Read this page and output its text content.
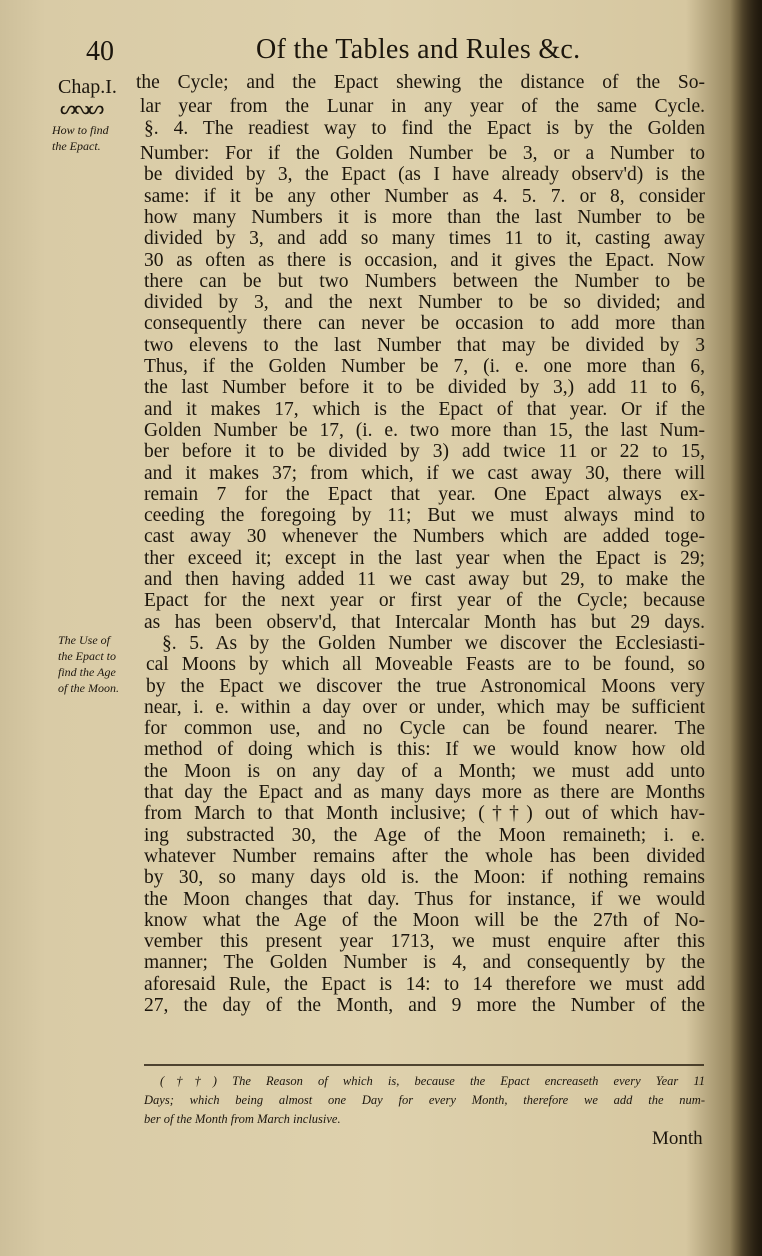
40	Of the Tables and Rules &c.
Chap.I.
ᔕᔓᔕ
How to find
the Epact.
The Use of
the Epact to
find the Age
of the Moon.
the Cycle; and the Epact shewing the distance of the So-
lar year from the Lunar in any year of the same Cycle.
§. 4. The readiest way to find the Epact is by the Golden
Number: For if the Golden Number be 3, or a Number to
be divided by 3, the Epact (as I have already observ'd) is the
same: if it be any other Number as 4. 5. 7. or 8, consider
how many Numbers it is more than the last Number to be
divided by 3, and add so many times 11 to it, casting away
30 as often as there is occasion, and it gives the Epact. Now
there can be but two Numbers between the Number to be
divided by 3, and the next Number to be so divided; and
consequently there can never be occasion to add more than
two elevens to the last Number that may be divided by 3
Thus, if the Golden Number be 7, (i. e. one more than 6,
the last Number before it to be divided by 3,) add 11 to 6,
and it makes 17, which is the Epact of that year. Or if the
Golden Number be 17, (i. e. two more than 15, the last Num-
ber before it to be divided by 3) add twice 11 or 22 to 15,
and it makes 37; from which, if we cast away 30, there will
remain 7 for the Epact that year. One Epact always ex-
ceeding the foregoing by 11; But we must always mind to
cast away 30 whenever the Numbers which are added toge-
ther exceed it; except in the last year when the Epact is 29;
and then having added 11 we cast away but 29, to make the
Epact for the next year or first year of the Cycle; because
as has been observ'd, that Intercalar Month has but 29 days.
§. 5. As by the Golden Number we discover the Ecclesiasti-
cal Moons by which all Moveable Feasts are to be found, so
by the Epact we discover the true Astronomical Moons very
near, i. e. within a day over or under, which may be sufficient
for common use, and no Cycle can be found nearer. The
method of doing which is this: If we would know how old
the Moon is on any day of a Month; we must add unto
that day the Epact and as many days more as there are Months
from March to that Month inclusive; (††) out of which hav-
ing substracted 30, the Age of the Moon remaineth; i. e.
whatever Number remains after the whole has been divided
by 30, so many days old is. the Moon: if nothing remains
the Moon changes that day. Thus for instance, if we would
know what the Age of the Moon will be the 27th of No-
vember this present year 1713, we must enquire after this
manner; The Golden Number is 4, and consequently by the
aforesaid Rule, the Epact is 14: to 14 therefore we must add
27, the day of the Month, and 9 more the Number of the
(††) The Reason of which is, because the Epact encreaseth every Year 11
Days; which being almost one Day for every Month, therefore we add the num-
ber of the Month from March inclusive.
Month
